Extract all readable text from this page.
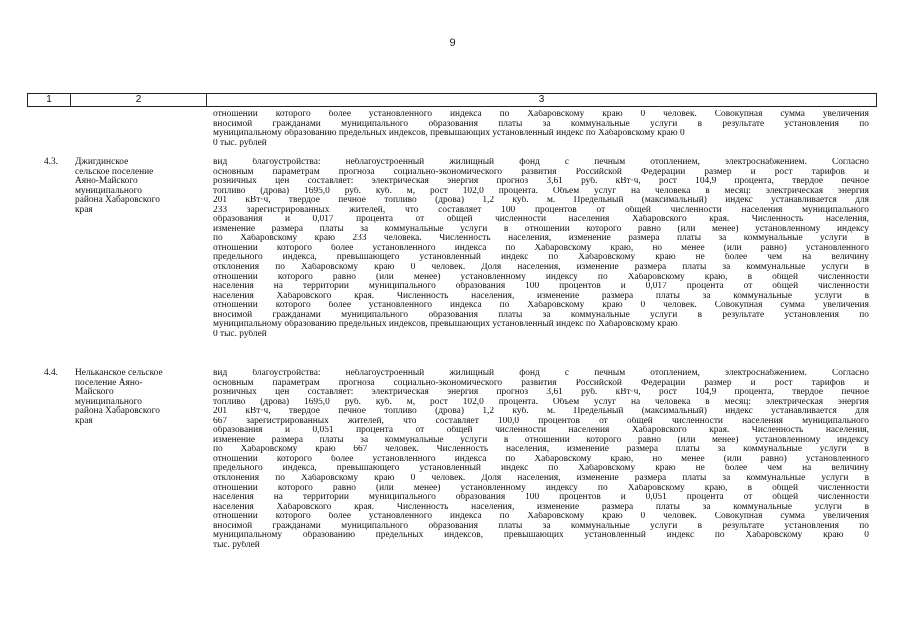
9
1	2	3
отношении которого более установленного индекса по Хабаровскому краю 0 человек. Совокупная сумма увеличения
вносимой гражданами муниципального образования платы за коммунальные услуги в результате установления по
муниципальному образованию предельных индексов, превышающих установленный индекс по Хабаровскому краю 0
0 тыс. рублей
4.3. Джигдинское
сельское поселение
Аяно-Майского
муниципального
района Хабаровского
края
вид благоустройства: неблагоустроенный жилищный фонд с печным отоплением, электроснабжением. Согласно
основным параметрам прогноза социально-экономического развития Российской Федерации размер и рост тарифов и
розничных цен составляет: электрическая энергия прогноз 3,61 руб. кВт·ч, рост 104,9 процента, твердое печное
топливо (дрова) 1695,0 руб. куб. м, рост 102,0 процента. Объем услуг на человека в месяц: электрическая энергия
201 кВт·ч, твердое печное топливо (дрова) 1,2 куб. м. Предельный (максимальный) индекс устанавливается для
233 зарегистрированных жителей, что составляет 100 процентов от общей численности населения муниципального
образования и 0,017 процента от общей численности населения Хабаровского края. Численность населения,
изменение размера платы за коммунальные услуги в отношении которого равно (или менее) установленному индексу
по Хабаровскому краю 233 человека. Численность населения, изменение размера платы за коммунальные услуги в
отношении которого более установленного индекса по Хабаровскому краю, но менее (или равно) установленного
предельного индекса, превышающего установленный индекс по Хабаровскому краю не более чем на величину
отклонения по Хабаровскому краю 0 человек. Доля населения, изменение размера платы за коммунальные услуги в
отношении которого равно (или менее) установленному индексу по Хабаровскому краю, в общей численности
населения на территории муниципального образования 100 процентов и 0,017 процента от общей численности
населения Хабаровского края. Численность населения, изменение размера платы за коммунальные услуги в
отношении которого более установленного индекса по Хабаровскому краю 0 человек. Совокупная сумма увеличения
вносимой гражданами муниципального образования платы за коммунальные услуги в результате установления по
муниципальному образованию предельных индексов, превышающих установленный индекс по Хабаровскому краю
0 тыс. рублей
4.4. Нельканское сельское
поселение Аяно-
Майского
муниципального
района Хабаровского
края
вид благоустройства: неблагоустроенный жилищный фонд с печным отоплением, электроснабжением. Согласно
основным параметрам прогноза социально-экономического развития Российской Федерации размер и рост тарифов и
розничных цен составляет: электрическая энергия прогноз 3,61 руб. кВт·ч, рост 104,9 процента, твердое печное
топливо (дрова) 1695,0 руб. куб. м, рост 102,0 процента. Объем услуг на человека в месяц: электрическая энергия
201 кВт·ч, твердое печное топливо (дрова) 1,2 куб. м. Предельный (максимальный) индекс устанавливается для
667 зарегистрированных жителей, что составляет 100,0 процентов от общей численности населения муниципального
образования и 0,051 процента от общей численности населения Хабаровского края. Численность населения,
изменение размера платы за коммунальные услуги в отношении которого равно (или менее) установленному индексу
по Хабаровскому краю 667 человек. Численность населения, изменение размера платы за коммунальные услуги в
отношении которого более установленного индекса по Хабаровскому краю, но менее (или равно) установленного
предельного индекса, превышающего установленный индекс по Хабаровскому краю не более чем на величину
отклонения по Хабаровскому краю 0 человек. Доля населения, изменение размера платы за коммунальные услуги в
отношении которого равно (или менее) установленному индексу по Хабаровскому краю, в общей численности
населения на территории муниципального образования 100 процентов и 0,051 процента от общей численности
населения Хабаровского края. Численность населения, изменение размера платы за коммунальные услуги в
отношении которого более установленного индекса по Хабаровскому краю 0 человек. Совокупная сумма увеличения
вносимой гражданами муниципального образования платы за коммунальные услуги в результате установления по
муниципальному образованию предельных индексов, превышающих установленный индекс по Хабаровскому краю 0
тыс. рублей
